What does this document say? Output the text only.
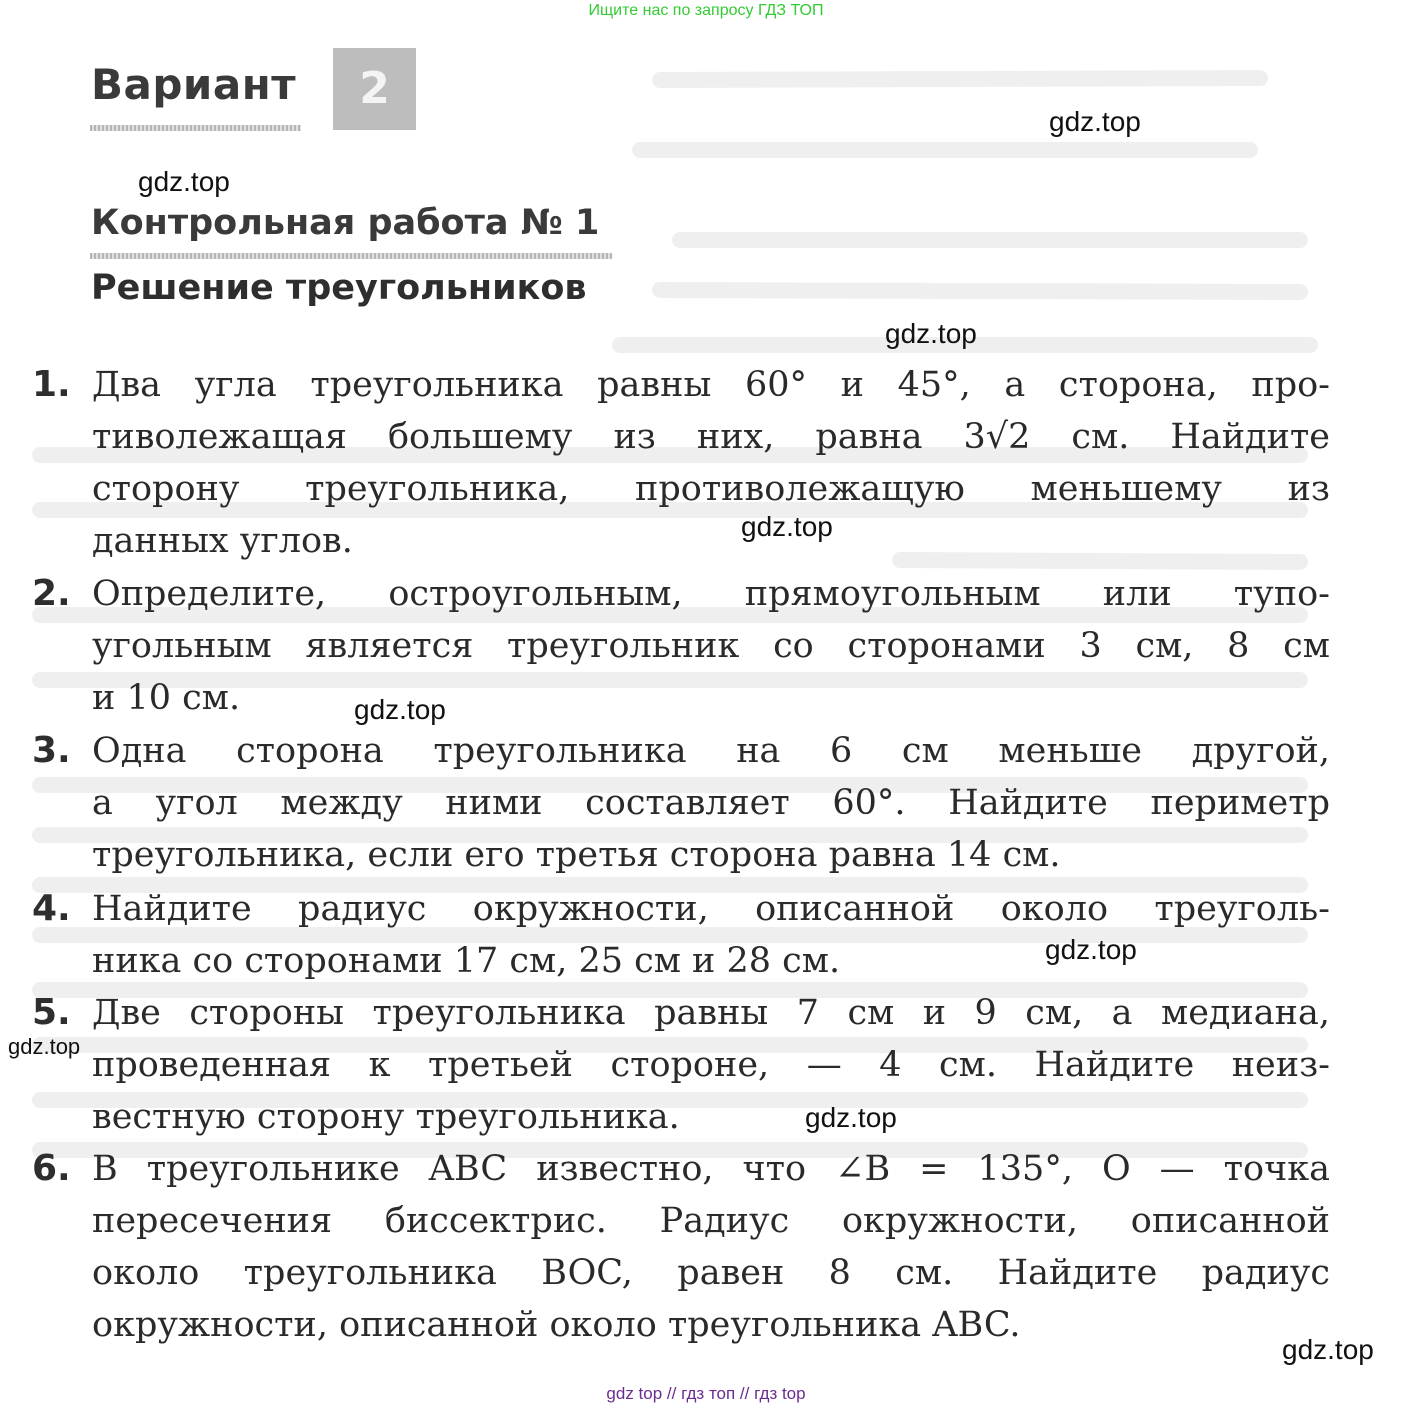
Ищите нас по запросу ГДЗ ТОП
Вариант	2
Контрольная работа № 1
Решение треугольников
1. Два угла треугольника равны 60° и 45°, а сторона, про-
тиволежащая большему из них, равна 3√2 см. Найдите
сторону треугольника, противолежащую меньшему из
данных углов.
2. Определите, остроугольным, прямоугольным или тупо-
угольным является треугольник со сторонами 3 см, 8 см
и 10 см.
3. Одна сторона треугольника на 6 см меньше другой,
а угол между ними составляет 60°. Найдите периметр
треугольника, если его третья сторона равна 14 см.
4. Найдите радиус окружности, описанной около треуголь-
ника со сторонами 17 см, 25 см и 28 см.
5. Две стороны треугольника равны 7 см и 9 см, а медиана,
проведенная к третьей стороне, — 4 см. Найдите неиз-
вестную сторону треугольника.
6. В треугольнике ABC известно, что ∠B = 135°, O — точка
пересечения биссектрис. Радиус окружности, описанной
около треугольника BOC, равен 8 см. Найдите радиус
окружности, описанной около треугольника ABC.
gdz.top
gdz.top
gdz.top
gdz.top
gdz.top
gdz.top
gdz.top
gdz.top
gdz.top
gdz top // гдз топ // гдз top
